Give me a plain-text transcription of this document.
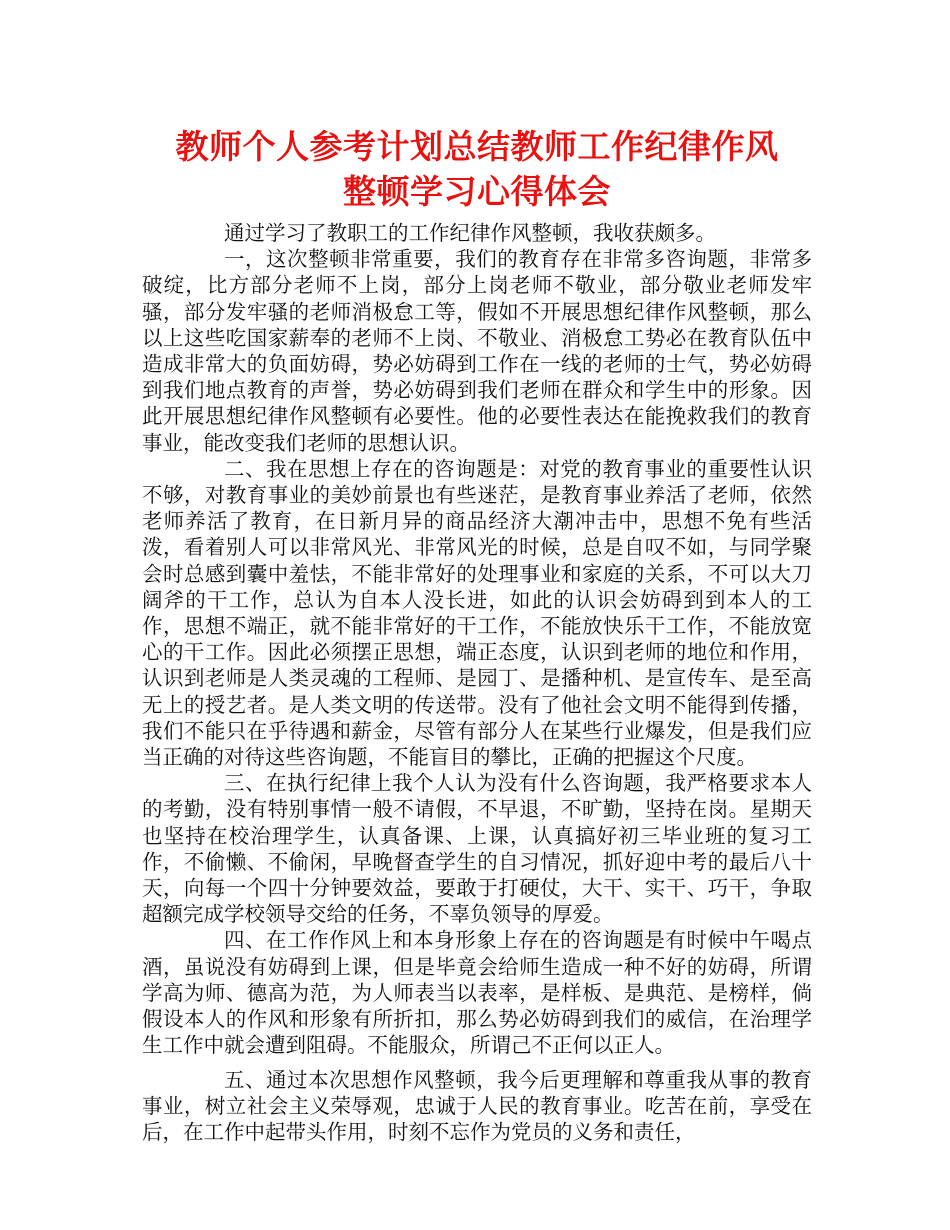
教师个人参考计划总结教师工作纪律作风
整顿学习心得体会

通过学习了教职工的工作纪律作风整顿，我收获颇多。

一，这次整顿非常重要，我们的教育存在非常多咨询题，非常多破绽，比方部分老师不上岗，部分上岗老师不敬业，部分敬业老师发牢骚，部分发牢骚的老师消极怠工等，假如不开展思想纪律作风整顿，那么以上这些吃国家薪奉的老师不上岗、不敬业、消极怠工势必在教育队伍中造成非常大的负面妨碍，势必妨碍到工作在一线的老师的士气，势必妨碍到我们地点教育的声誉，势必妨碍到我们老师在群众和学生中的形象。因此开展思想纪律作风整顿有必要性。他的必要性表达在能挽救我们的教育事业，能改变我们老师的思想认识。

二、我在思想上存在的咨询题是：对党的教育事业的重要性认识不够，对教育事业的美妙前景也有些迷茫，是教育事业养活了老师，依然老师养活了教育，在日新月异的商品经济大潮冲击中，思想不免有些活泼，看着别人可以非常风光、非常风光的时候，总是自叹不如，与同学聚会时总感到囊中羞怯，不能非常好的处理事业和家庭的关系，不可以大刀阔斧的干工作，总认为自本人没长进，如此的认识会妨碍到到本人的工作，思想不端正，就不能非常好的干工作，不能放快乐干工作，不能放宽心的干工作。因此必须摆正思想，端正态度，认识到老师的地位和作用，认识到老师是人类灵魂的工程师、是园丁、是播种机、是宣传车、是至高无上的授艺者。是人类文明的传送带。没有了他社会文明不能得到传播，我们不能只在乎待遇和薪金，尽管有部分人在某些行业爆发，但是我们应当正确的对待这些咨询题，不能盲目的攀比，正确的把握这个尺度。

三、在执行纪律上我个人认为没有什么咨询题，我严格要求本人的考勤，没有特别事情一般不请假，不早退，不旷勤，坚持在岗。星期天也坚持在校治理学生，认真备课、上课，认真搞好初三毕业班的复习工作，不偷懒、不偷闲，早晚督查学生的自习情况，抓好迎中考的最后八十天，向每一个四十分钟要效益，要敢于打硬仗，大干、实干、巧干，争取超额完成学校领导交给的任务，不辜负领导的厚爱。

四、在工作作风上和本身形象上存在的咨询题是有时候中午喝点酒，虽说没有妨碍到上课，但是毕竟会给师生造成一种不好的妨碍，所谓学高为师、德高为范，为人师表当以表率，是样板、是典范、是榜样，倘假设本人的作风和形象有所折扣，那么势必妨碍到我们的威信，在治理学生工作中就会遭到阻碍。不能服众，所谓己不正何以正人。

五、通过本次思想作风整顿，我今后更理解和尊重我从事的教育事业，树立社会主义荣辱观，忠诚于人民的教育事业。吃苦在前，享受在后，在工作中起带头作用，时刻不忘作为党员的义务和责任，
